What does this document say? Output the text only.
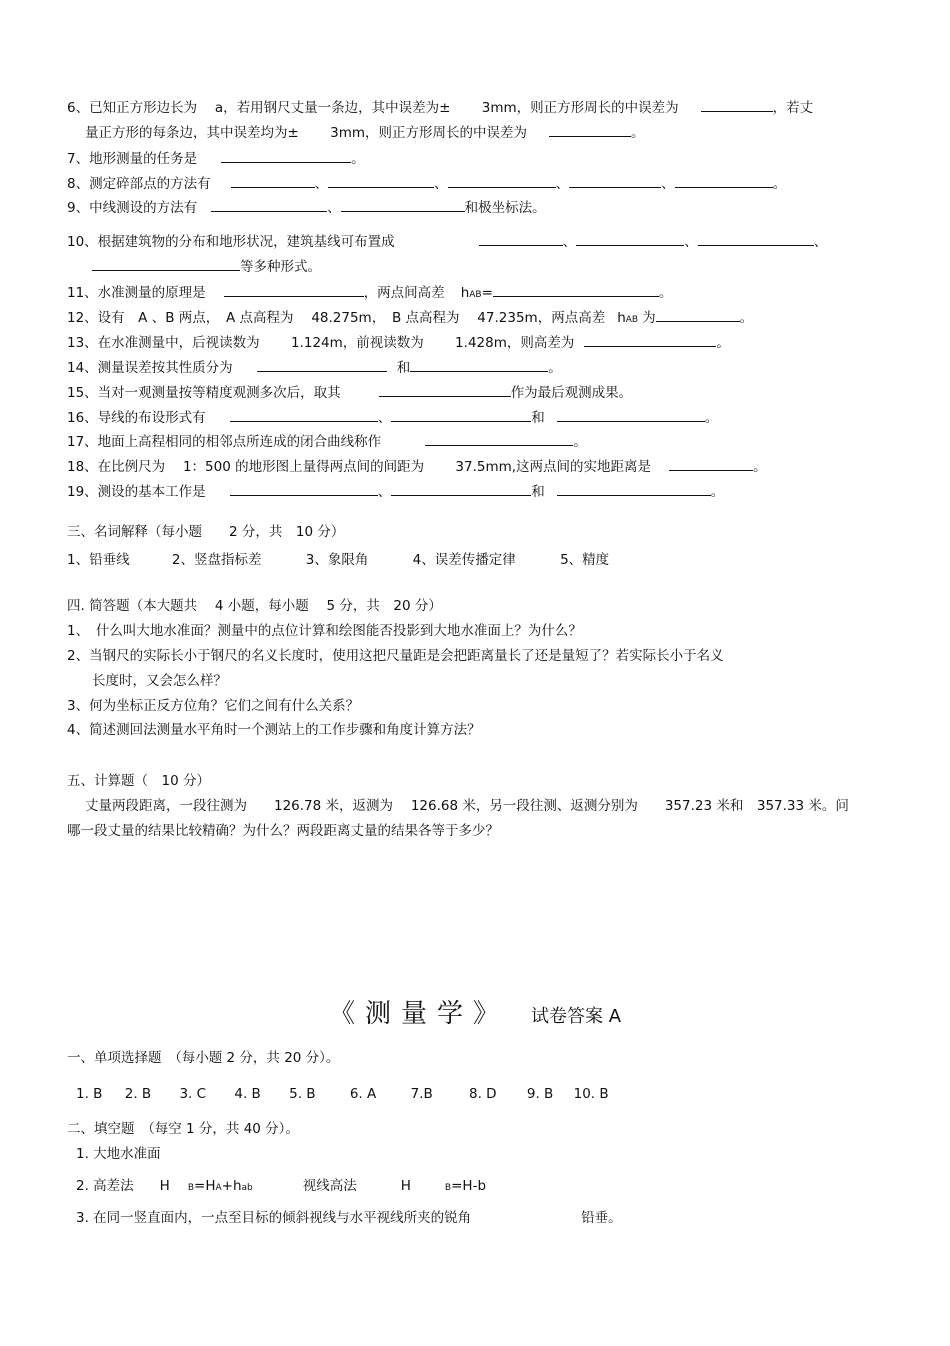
6、已知正方形边长为　 a，若用钢尺丈量一条边，其中误差为±　　 3mm，则正方形周长的中误差为	，若丈
量正方形的每条边，其中误差均为±　　 3mm，则正方形周长的中误差为	。
7、地形测量的任务是	。
8、测定碎部点的方法有	、	、	、	、	。
9、中线测设的方法有	、	和极坐标法。
10、根据建筑物的分布和地形状况，建筑基线可布置成	、	、	、
等多种形式。
11、水准测量的原理是	，两点间高差 hAB=	。
12、设有　A 、B 两点，　A 点高程为　 48.275m，　B 点高程为　 47.235m，两点高差 hAB 为	。
13、在水准测量中，后视读数为　　 1.124m，前视读数为　　 1.428m，则高差为	。
14、测量误差按其性质分为	和	。
15、当对一观测量按等精度观测多次后，取其	作为最后观测成果。
16、导线的布设形式有	、	和	。
17、地面上高程相同的相邻点所连成的闭合曲线称作	。
18、在比例尺为　 1：500 的地形图上量得两点间的间距为　　 37.5mm,这两点间的实地距离是	。
19、测设的基本工作是	、	和	。
三、名词解释（每小题　　2 分，共　10 分）
1、铅垂线	2、竖盘指标差	3、象限角	4、误差传播定律	5、精度
四. 简答题（本大题共　 4 小题，每小题　 5 分，共　20 分）
1、　什么叫大地水准面？测量中的点位计算和绘图能否投影到大地水准面上？为什么？
2、当钢尺的实际长小于钢尺的名义长度时，使用这把尺量距是会把距离量长了还是量短了？若实际长小于名义
长度时，又会怎么样？
3、何为坐标正反方位角？它们之间有什么关系？
4、简述测回法测量水平角时一个测站上的工作步骤和角度计算方法？
五、计算题（　10 分）
丈量两段距离，一段往测为　　126.78 米，返测为　 126.68 米，另一段往测、返测分别为　　357.23 米和　357.33 米。问
哪一段丈量的结果比较精确？为什么？两段距离丈量的结果各等于多少？
《测量学》 试卷答案 A
一、单项选择题　（每小题 2 分，共 20 分）。
1. B 2. B 3. C 4. B 5. B	6. A	7.B	8. D 9. B 10. B
二、填空题　（每空 1 分，共 40 分）。
1. 大地水准面
2. 高差法 H B=HA+hab	视线高法	H	B=H-b
3. 在同一竖直面内，一点至目标的倾斜视线与水平视线所夹的锐角	铅垂。
